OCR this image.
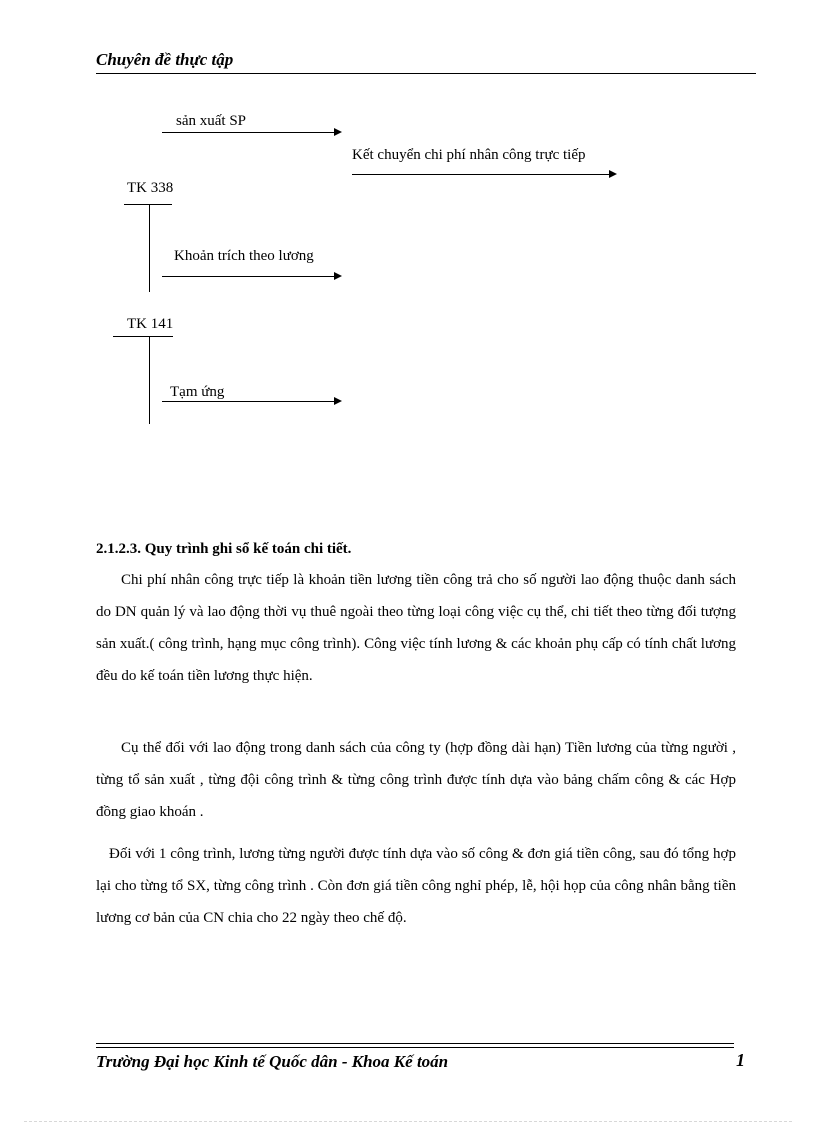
Chuyên đề thực tập
sản xuất SP
Kết chuyển chi phí nhân công trực tiếp
TK 338
Khoản trích theo lương
TK 141
Tạm ứng
2.1.2.3. Quy trình ghi sổ kế toán chi tiết.

Chi phí nhân công trực tiếp là khoản tiền lương tiền công trả cho số người lao động thuộc danh sách do DN quản lý và lao động thời vụ thuê ngoài theo từng loại công việc cụ thể, chi tiết theo từng đối tượng sản xuất.( công trình, hạng mục công trình). Công việc tính lương & các khoản phụ cấp có tính chất lương đều do kế toán tiền lương thực hiện.

Cụ thể đối với lao động trong danh sách của công ty (hợp đồng dài hạn) Tiền lương của từng người , từng tổ sản xuất , từng đội công trình & từng công trình được tính dựa vào bảng chấm công & các Hợp đồng giao khoán .

Đối với 1 công trình, lương từng người được tính dựa vào số công & đơn giá tiền công, sau đó tổng hợp lại cho từng tổ SX, từng công trình . Còn đơn giá tiền công nghỉ phép, lễ, hội họp của công nhân bằng tiền lương cơ bản của CN chia cho 22 ngày theo chế độ.

Trường Đại học Kinh tế Quốc dân - Khoa Kế toán	1
